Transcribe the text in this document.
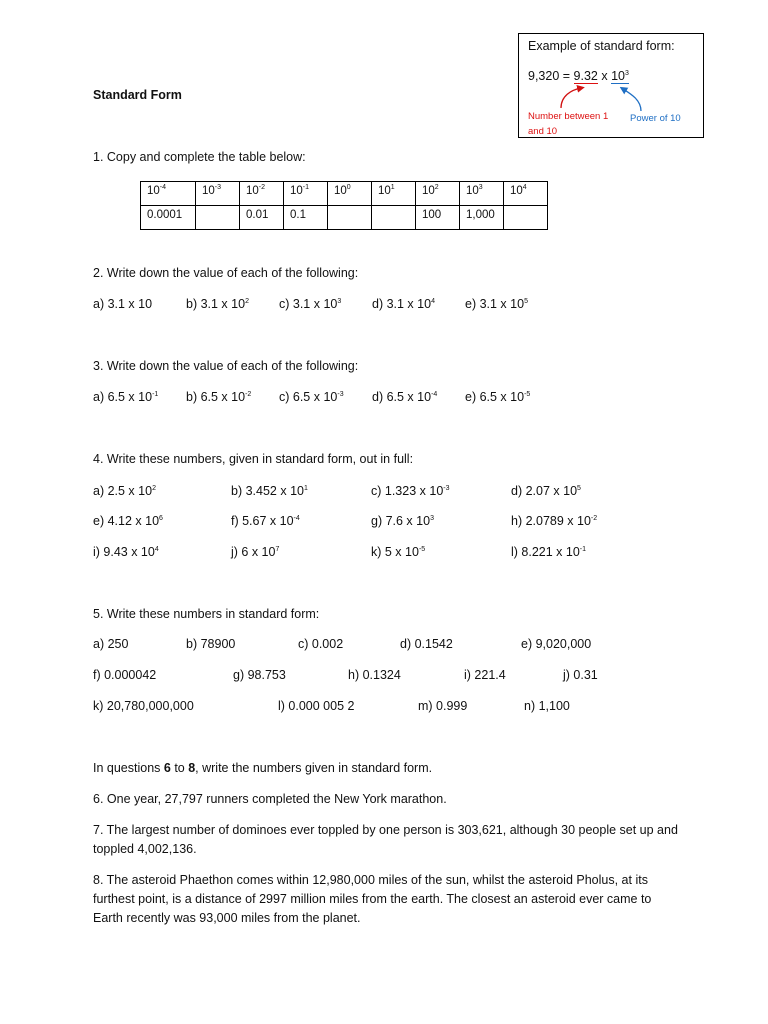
Example of standard form:
9,320 = 9.32 x $10^3$
Number between 1 and 10
Power of 10
Standard Form
1. Copy and complete the table below:
$10^{-4}$	$10^{-3}$	$10^{-2}$	$10^{-1}$	$10^0$	$10^1$	$10^2$	$10^3$	$10^4$
0.0001		0.01	0.1			100	1,000	
2. Write down the value of each of the following:
a) 3.1 x 10	b) 3.1 x $10^2$ c) 3.1 x $10^3$ d) 3.1 x $10^4$ e) 3.1 x $10^5$
3. Write down the value of each of the following:
a) 6.5 x $10^{-1}$ b) 6.5 x $10^{-2}$ c) 6.5 x $10^{-3}$ d) 6.5 x $10^{-4}$ e) 6.5 x $10^{-5}$
4. Write these numbers, given in standard form, out in full:
a) 2.5 x $10^2$	b) 3.452 x $10^1$	c) 1.323 x $10^{-3}$	d) 2.07 x $10^5$
e) 4.12 x $10^6$	f) 5.67 x $10^{-4}$	g) 7.6 x $10^3$	h) 2.0789 x $10^{-2}$
i) 9.43 x $10^4$	j) 6 x $10^7$	k) 5 x $10^{-5}$	l) 8.221 x $10^{-1}$
5. Write these numbers in standard form:
a) 250	b) 78900	c) 0.002	d) 0.1542	e) 9,020,000
f) 0.000042	g) 98.753	h) 0.1324	i) 221.4	j) 0.31
k) 20,780,000,000	l) 0.000 005 2	m) 0.999	n) 1,100
In questions 6 to 8, write the numbers given in standard form.
6. One year, 27,797 runners completed the New York marathon.
7. The largest number of dominoes ever toppled by one person is 303,621, although 30 people set up and toppled 4,002,136.
8. The asteroid Phaethon comes within 12,980,000 miles of the sun, whilst the asteroid Pholus, at its furthest point, is a distance of 2997 million miles from the earth. The closest an asteroid ever came to Earth recently was 93,000 miles from the planet.
